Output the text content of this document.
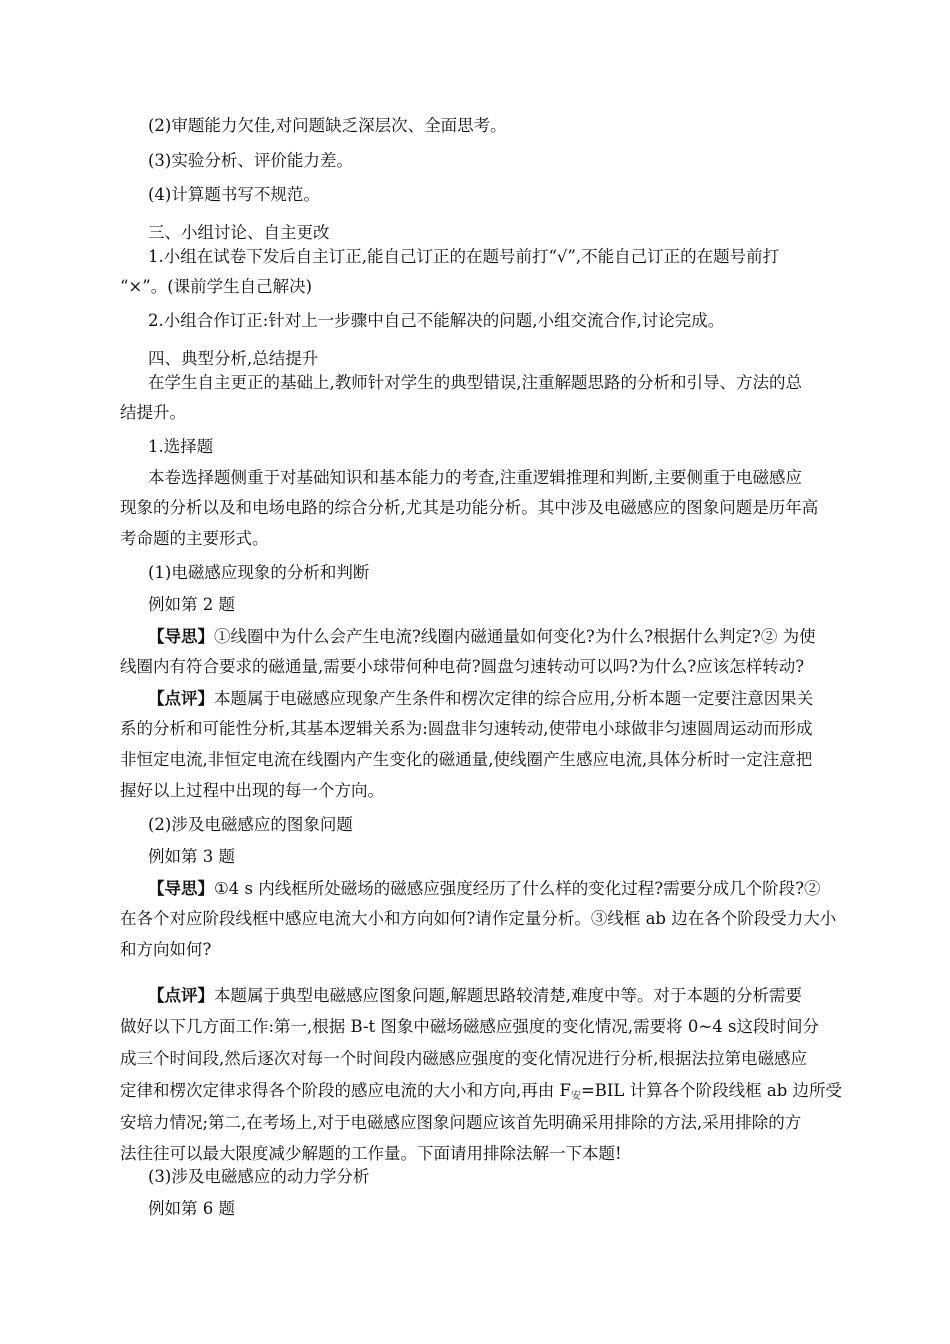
(2)审题能力欠佳,对问题缺乏深层次、全面思考。
(3)实验分析、评价能力差。
(4)计算题书写不规范。
三、小组讨论、自主更改
1.小组在试卷下发后自主订正,能自己订正的在题号前打“√”,不能自己订正的在题号前打
“×”。(课前学生自己解决)
2.小组合作订正:针对上一步骤中自己不能解决的问题,小组交流合作,讨论完成。
四、典型分析,总结提升
在学生自主更正的基础上,教师针对学生的典型错误,注重解题思路的分析和引导、方法的总
结提升。
1.选择题
本卷选择题侧重于对基础知识和基本能力的考查,注重逻辑推理和判断,主要侧重于电磁感应
现象的分析以及和电场电路的综合分析,尤其是功能分析。其中涉及电磁感应的图象问题是历年高
考命题的主要形式。
(1)电磁感应现象的分析和判断
例如第 2 题
【导思】①线圈中为什么会产生电流?线圈内磁通量如何变化?为什么?根据什么判定?② 为使
线圈内有符合要求的磁通量,需要小球带何种电荷?圆盘匀速转动可以吗?为什么?应该怎样转动?
【点评】本题属于电磁感应现象产生条件和楞次定律的综合应用,分析本题一定要注意因果关
系的分析和可能性分析,其基本逻辑关系为:圆盘非匀速转动,使带电小球做非匀速圆周运动而形成
非恒定电流,非恒定电流在线圈内产生变化的磁通量,使线圈产生感应电流,具体分析时一定注意把
握好以上过程中出现的每一个方向。
(2)涉及电磁感应的图象问题
例如第 3 题
【导思】①4 s 内线框所处磁场的磁感应强度经历了什么样的变化过程?需要分成几个阶段?②
在各个对应阶段线框中感应电流大小和方向如何?请作定量分析。③线框 ab 边在各个阶段受力大小
和方向如何?
【点评】本题属于典型电磁感应图象问题,解题思路较清楚,难度中等。对于本题的分析需要
做好以下几方面工作:第一,根据 B-t 图象中磁场磁感应强度的变化情况,需要将 0~4 s这段时间分
成三个时间段,然后逐次对每一个时间段内磁感应强度的变化情况进行分析,根据法拉第电磁感应
定律和楞次定律求得各个阶段的感应电流的大小和方向,再由 $F_安=BIL$ 计算各个阶段线框 ab 边所受
安培力情况;第二,在考场上,对于电磁感应图象问题应该首先明确采用排除的方法,采用排除的方
法往往可以最大限度减少解题的工作量。下面请用排除法解一下本题!
(3)涉及电磁感应的动力学分析
例如第 6 题
